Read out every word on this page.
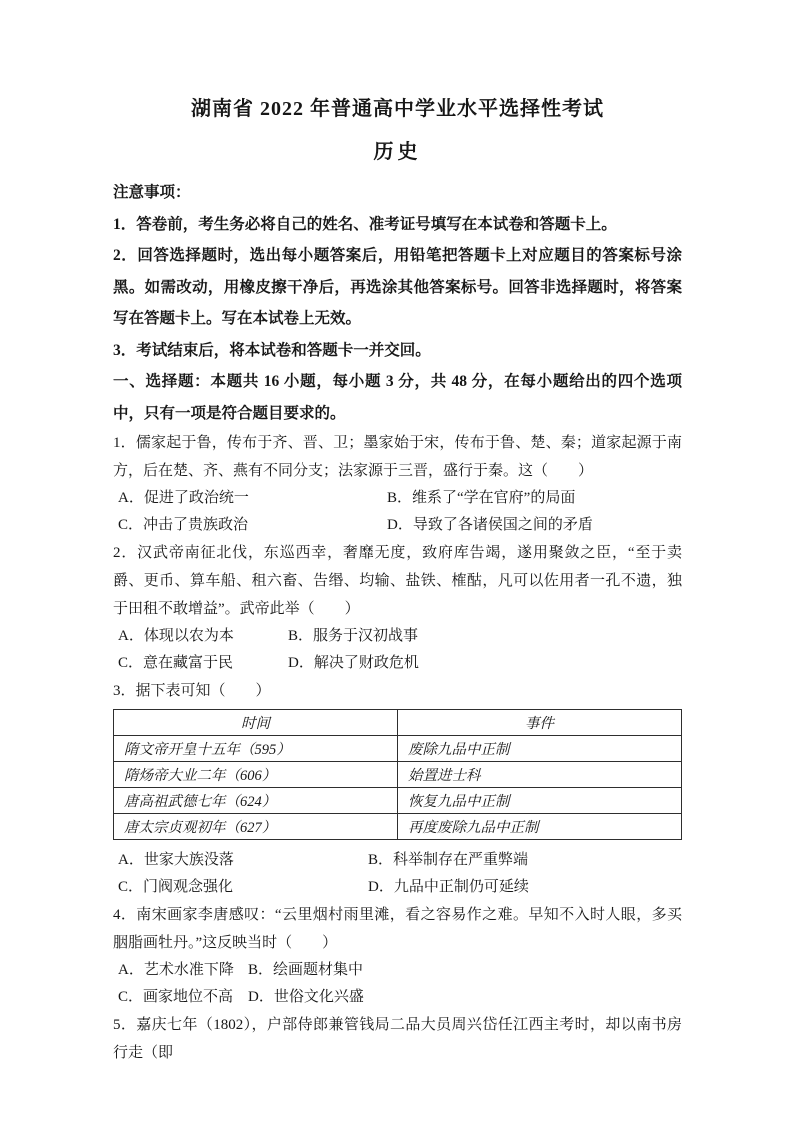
湖南省 2022 年普通高中学业水平选择性考试
历史

注意事项：

1．答卷前，考生务必将自己的姓名、准考证号填写在本试卷和答题卡上。

2．回答选择题时，选出每小题答案后，用铅笔把答题卡上对应题目的答案标号涂黑。如需改动，用橡皮擦干净后，再选涂其他答案标号。回答非选择题时，将答案写在答题卡上。写在本试卷上无效。

3．考试结束后，将本试卷和答题卡一并交回。

一、选择题：本题共 16 小题，每小题 3 分，共 48 分，在每小题给出的四个选项中，只有一项是符合题目要求的。

1．儒家起于鲁，传布于齐、晋、卫；墨家始于宋，传布于鲁、楚、秦；道家起源于南方，后在楚、齐、燕有不同分支；法家源于三晋，盛行于秦。这（　　）

A．促进了政治统一	B．维系了“学在官府”的局面
C．冲击了贵族政治	D．导致了各诸侯国之间的矛盾

2．汉武帝南征北伐，东巡西幸，奢靡无度，致府库告竭，遂用聚敛之臣，“至于卖爵、更币、算车船、租六畜、告缗、均输、盐铁、榷酤，凡可以佐用者一孔不遗，独于田租不敢增益”。武帝此举（　　）

A．体现以农为本	B．服务于汉初战事
C．意在藏富于民	D．解决了财政危机

3．据下表可知（　　）

时间	事件
隋文帝开皇十五年（595）	废除九品中正制
隋炀帝大业二年（606）	始置进士科
唐高祖武德七年（624）	恢复九品中正制
唐太宗贞观初年（627）	再度废除九品中正制
A．世家大族没落	B．科举制存在严重弊端
C．门阀观念强化	D．九品中正制仍可延续

4．南宋画家李唐感叹：“云里烟村雨里滩，看之容易作之难。早知不入时人眼，多买胭脂画牡丹。”这反映当时（　　）

A．艺术水准下降 B．绘画题材集中
C．画家地位不高 D．世俗文化兴盛

5．嘉庆七年（1802），户部侍郎兼管钱局二品大员周兴岱任江西主考时，却以南书房行走（即
